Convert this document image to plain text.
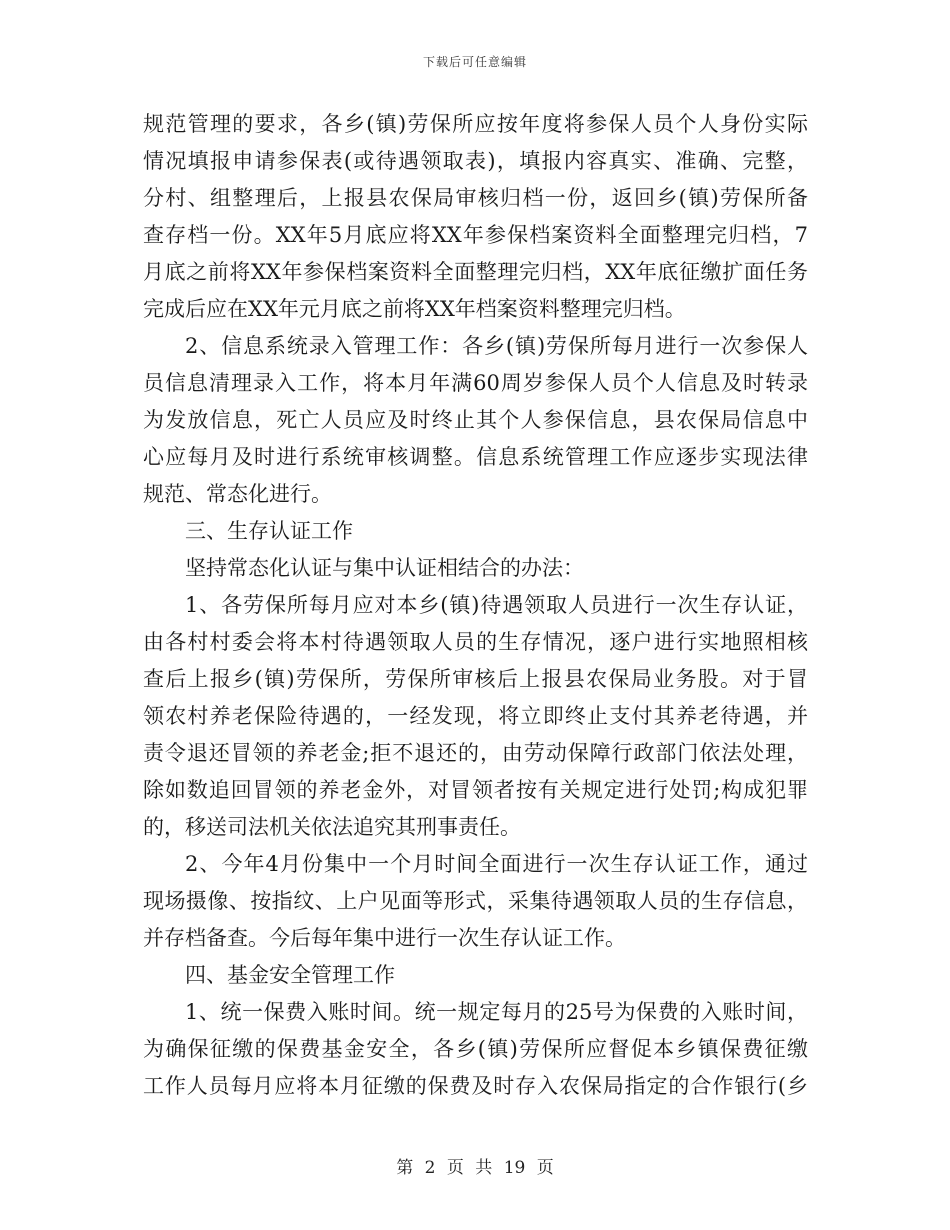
下载后可任意编辑
规范管理的要求，各乡(镇)劳保所应按年度将参保人员个人身份实际
情况填报申请参保表(或待遇领取表)，填报内容真实、准确、完整，
分村、组整理后，上报县农保局审核归档一份，返回乡(镇)劳保所备
查存档一份。XX年5月底应将XX年参保档案资料全面整理完归档，7
月底之前将XX年参保档案资料全面整理完归档，XX年底征缴扩面任务
完成后应在XX年元月底之前将XX年档案资料整理完归档。
2、信息系统录入管理工作：各乡(镇)劳保所每月进行一次参保人
员信息清理录入工作，将本月年满60周岁参保人员个人信息及时转录
为发放信息，死亡人员应及时终止其个人参保信息，县农保局信息中
心应每月及时进行系统审核调整。信息系统管理工作应逐步实现法律
规范、常态化进行。
三、生存认证工作
坚持常态化认证与集中认证相结合的办法：
1、各劳保所每月应对本乡(镇)待遇领取人员进行一次生存认证，
由各村村委会将本村待遇领取人员的生存情况，逐户进行实地照相核
查后上报乡(镇)劳保所，劳保所审核后上报县农保局业务股。对于冒
领农村养老保险待遇的，一经发现，将立即终止支付其养老待遇，并
责令退还冒领的养老金;拒不退还的，由劳动保障行政部门依法处理，
除如数追回冒领的养老金外，对冒领者按有关规定进行处罚;构成犯罪
的，移送司法机关依法追究其刑事责任。
2、今年4月份集中一个月时间全面进行一次生存认证工作，通过
现场摄像、按指纹、上户见面等形式，采集待遇领取人员的生存信息，
并存档备查。今后每年集中进行一次生存认证工作。
四、基金安全管理工作
1、统一保费入账时间。统一规定每月的25号为保费的入账时间，
为确保征缴的保费基金安全，各乡(镇)劳保所应督促本乡镇保费征缴
工作人员每月应将本月征缴的保费及时存入农保局指定的合作银行(乡
第 2 页 共 19 页
